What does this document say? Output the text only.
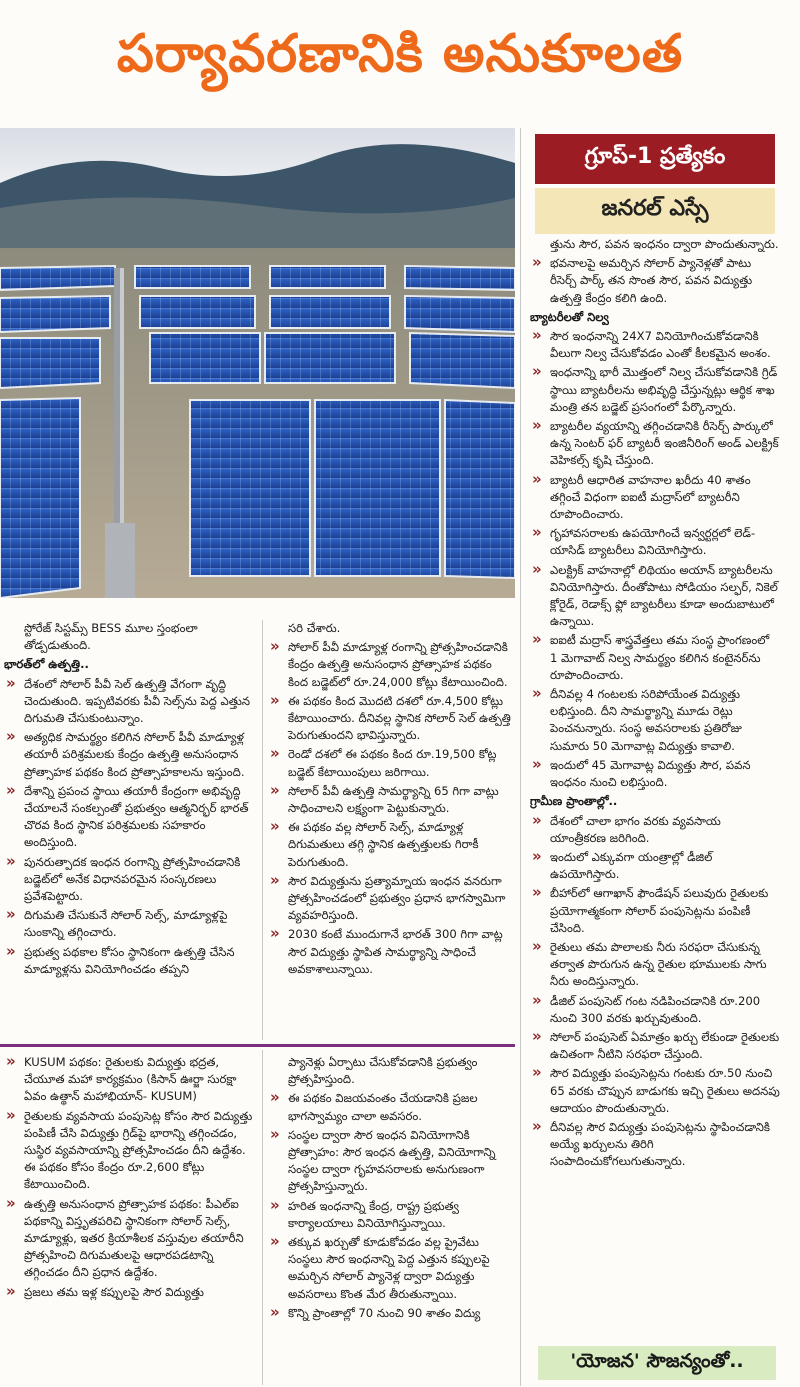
పర్యావరణానికి అనుకూలత
గ్రూప్‌-1 ప్రత్యేకం
జనరల్‌ ఎస్సే

స్టోరేజ్‌ సిస్టమ్స్‌ BESS మూల స్తంభంలా తోడ్పడుతుంది.

భారత్‌లో ఉత్పత్తి..

» దేశంలో సోలార్‌ పీవీ సెల్‌ ఉత్పత్తి వేగంగా వృద్ధి చెందుతుంది. ఇప్పటివరకు పీవీ సెల్స్‌ను పెద్ద ఎత్తున దిగుమతి చేసుకుంటున్నాం.

» అత్యధిక సామర్థ్యం కలిగిన సోలార్‌ పీవీ మాడ్యూళ్ల తయారీ పరిశ్రమలకు కేంద్రం ఉత్పత్తి అనుసంధాన ప్రోత్సాహక పథకం కింద ప్రోత్సాహకాలను ఇస్తుంది.

» దేశాన్ని ప్రపంచ స్థాయి తయారీ కేంద్రంగా అభివృద్ధి చేయాలనే సంకల్పంతో ప్రభుత్వం ఆత్మనిర్భర్‌ భారత్‌ చొరవ కింద స్థానిక పరిశ్రమలకు సహకారం అందిస్తుంది.

» పునరుత్పాదక ఇంధన రంగాన్ని ప్రోత్సహించడానికి బడ్జెట్‌లో అనేక విధానపరమైన సంస్కరణలు ప్రవేశపెట్టారు.

» దిగుమతి చేసుకునే సోలార్‌ సెల్స్‌, మాడ్యూళ్లపై సుంకాన్ని తగ్గించారు.

» ప్రభుత్వ పథకాల కోసం స్థానికంగా ఉత్పత్తి చేసిన మాడ్యూళ్లను వినియోగించడం తప్పని

సరి చేశారు.

» సోలార్‌ పీవీ మాడ్యూళ్ల రంగాన్ని ప్రోత్సహించడానికి కేంద్రం ఉత్పత్తి అనుసంధాన ప్రోత్సాహక పథకం కింద బడ్జెట్‌లో రూ.24,000 కోట్లు కేటాయించింది.

» ఈ పథకం కింద మొదటి దశలో రూ.4,500 కోట్లు కేటాయించారు. దీనివల్ల స్థానిక సోలార్‌ సెల్‌ ఉత్పత్తి పెరుగుతుందని భావిస్తున్నారు.

» రెండో దశలో ఈ పథకం కింద రూ.19,500 కోట్ల బడ్జెట్‌ కేటాయింపులు జరిగాయి.

» సోలార్‌ పీవీ ఉత్పత్తి సామర్థ్యాన్ని 65 గిగా వాట్లు సాధించాలని లక్ష్యంగా పెట్టుకున్నారు.

» ఈ పథకం వల్ల సోలార్‌ సెల్స్‌, మాడ్యూళ్ల దిగుమతులు తగ్గి స్థానిక ఉత్పత్తులకు గిరాకీ పెరుగుతుంది.

» సౌర విద్యుత్తును ప్రత్యామ్నాయ ఇంధన వనరుగా ప్రోత్సహించడంలో ప్రభుత్వం ప్రధాన భాగస్వామిగా వ్యవహరిస్తుంది.

» 2030 కంటే ముందుగానే భారత్‌ 300 గిగా వాట్ల సౌర విద్యుత్తు స్థాపిత సామర్థ్యాన్ని సాధించే అవకాశాలున్నాయి.

» KUSUM పథకం: రైతులకు విద్యుత్తు భద్రత, చేయూత మహా కార్యక్రమం (కిసాన్‌ ఊర్జా సురక్షా ఏవం ఉత్థాన్‌ మహాభియాన్‌- KUSUM)

» రైతులకు వ్యవసాయ పంపుసెట్ల కోసం సౌర విద్యుత్తు పంపిణీ చేసి విద్యుత్తు గ్రిడ్‌పై భారాన్ని తగ్గించడం, సుస్థిర వ్యవసాయాన్ని ప్రోత్సహించడం దీని ఉద్దేశం. ఈ పథకం కోసం కేంద్రం రూ.2,600 కోట్లు కేటాయించింది.

» ఉత్పత్తి అనుసంధాన ప్రోత్సాహక పథకం: పీఎల్‌ఐ పథకాన్ని విస్తృతపరిచి స్థానికంగా సోలార్‌ సెల్స్‌, మాడ్యూళ్లు, ఇతర క్రియాశీలక వస్తువుల తయారీని ప్రోత్సహించి దిగుమతులపై ఆధారపడటాన్ని తగ్గించడం దీని ప్రధాన ఉద్దేశం.

» ప్రజలు తమ ఇళ్ల కప్పులపై సౌర విద్యుత్తు

ప్యానెళ్లు ఏర్పాటు చేసుకోవడానికి ప్రభుత్వం ప్రోత్సహిస్తుంది.

» ఈ పథకం విజయవంతం చేయడానికి ప్రజల భాగస్వామ్యం చాలా అవసరం.

» సంస్థల ద్వారా సౌర ఇంధన వినియోగానికి ప్రోత్సాహం: సౌర ఇంధన ఉత్పత్తి, వినియోగాన్ని సంస్థల ద్వారా గృహవసరాలకు అనుగుణంగా ప్రోత్సహిస్తున్నారు.

» హరిత ఇంధనాన్ని కేంద్ర, రాష్ట్ర ప్రభుత్వ కార్యాలయాలు వినియోగిస్తున్నాయి.

» తక్కువ ఖర్చుతో కూడుకోవడం వల్ల ప్రైవేటు సంస్థలు సౌర ఇంధనాన్ని పెద్ద ఎత్తున కప్పులపై అమర్చిన సోలార్‌ ప్యానెళ్ల ద్వారా విద్యుత్తు అవసరాలు కొంత మేర తీరుతున్నాయి.

» కొన్ని ప్రాంతాల్లో 70 నుంచి 90 శాతం విద్యు

త్తును సౌర, పవన ఇంధనం ద్వారా పొందుతున్నారు.

» భవనాలపై అమర్చిన సోలార్‌ ప్యానెళ్లతో పాటు రీసెర్చ్‌ పార్క్‌ తన సొంత సౌర, పవన విద్యుత్తు ఉత్పత్తి కేంద్రం కలిగి ఉంది.

బ్యాటరీలతో నిల్వ

» సౌర ఇంధనాన్ని 24X7 వినియోగించుకోవడానికి వీలుగా నిల్వ చేసుకోవడం ఎంతో కీలకమైన అంశం.

» ఇంధనాన్ని భారీ మొత్తంలో నిల్వ చేసుకోవడానికి గ్రిడ్‌ స్థాయి బ్యాటరీలను అభివృద్ధి చేస్తున్నట్లు ఆర్థిక శాఖ మంత్రి తన బడ్జెట్‌ ప్రసంగంలో పేర్కొన్నారు.

» బ్యాటరీల వ్యయాన్ని తగ్గించడానికి రీసెర్చ్‌ పార్కులో ఉన్న సెంటర్‌ ఫర్‌ బ్యాటరీ ఇంజినీరింగ్‌ అండ్‌ ఎలక్ట్రిక్‌ వెహికల్స్‌ కృషి చేస్తుంది.

» బ్యాటరీ ఆధారిత వాహనాల ఖరీదు 40 శాతం తగ్గించే విధంగా ఐఐటీ మద్రాస్‌లో బ్యాటరీని రూపొందించారు.

» గృహావసరాలకు ఉపయోగించే ఇన్వర్టర్లలో లెడ్‌-యాసిడ్‌ బ్యాటరీలు వినియోగిస్తారు.

» ఎలక్ట్రిక్‌ వాహనాల్లో లిథియం అయాన్‌ బ్యాటరీలను వినియోగిస్తారు. దీంతోపాటు సోడియం సల్ఫర్‌, నికెల్‌ క్లోరైడ్‌, రెడాక్స్‌ ఫ్లో బ్యాటరీలు కూడా అందుబాటులో ఉన్నాయి.

» ఐఐటీ మద్రాస్‌ శాస్త్రవేత్తలు తమ సంస్థ ప్రాంగణంలో 1 మెగావాట్‌ నిల్వ సామర్థ్యం కలిగిన కంటైనర్‌ను రూపొందించారు.

» దీనివల్ల 4 గంటలకు సరిపోయేంత విద్యుత్తు లభిస్తుంది. దీని సామర్థ్యాన్ని మూడు రెట్లు పెంచనున్నారు. సంస్థ అవసరాలకు ప్రతిరోజు సుమారు 50 మెగావాట్ల విద్యుత్తు కావాలి.

» ఇందులో 45 మెగావాట్ల విద్యుత్తు సౌర, పవన ఇంధనం నుంచి లభిస్తుంది.

గ్రామీణ ప్రాంతాల్లో..

» దేశంలో చాలా భాగం వరకు వ్యవసాయ యాంత్రీకరణ జరిగింది.

» ఇందులో ఎక్కువగా యంత్రాల్లో డీజిల్‌ ఉపయోగిస్తారు.

» బీహార్‌లో ఆగాఖాన్‌ ఫౌండేషన్‌ పలువురు రైతులకు ప్రయోగాత్మకంగా సోలార్‌ పంపుసెట్లను పంపిణీ చేసింది.

» రైతులు తమ పొలాలకు నీరు సరఫరా చేసుకున్న తర్వాత పొరుగున ఉన్న రైతుల భూములకు సాగు నీరు అందిస్తున్నారు.

» డీజిల్‌ పంపుసెట్‌ గంట నడిపించడానికి రూ.200 నుంచి 300 వరకు ఖర్చువుతుంది.

» సోలార్‌ పంపుసెట్‌ ఏమాత్రం ఖర్చు లేకుండా రైతులకు ఉచితంగా నీటిని సరఫరా చేస్తుంది.

» సౌర విద్యుత్తు పంపుసెట్లను గంటకు రూ.50 నుంచి 65 వరకు చొప్పున బాడుగకు ఇచ్చి రైతులు అదనపు ఆదాయం పొందుతున్నారు.

» దీనివల్ల సౌర విద్యుత్తు పంపుసెట్లను స్థాపించడానికి అయ్యే ఖర్చులను తిరిగి సంపాదించుకోగలుగుతున్నారు.

'యోజన' సౌజన్యంతో..
